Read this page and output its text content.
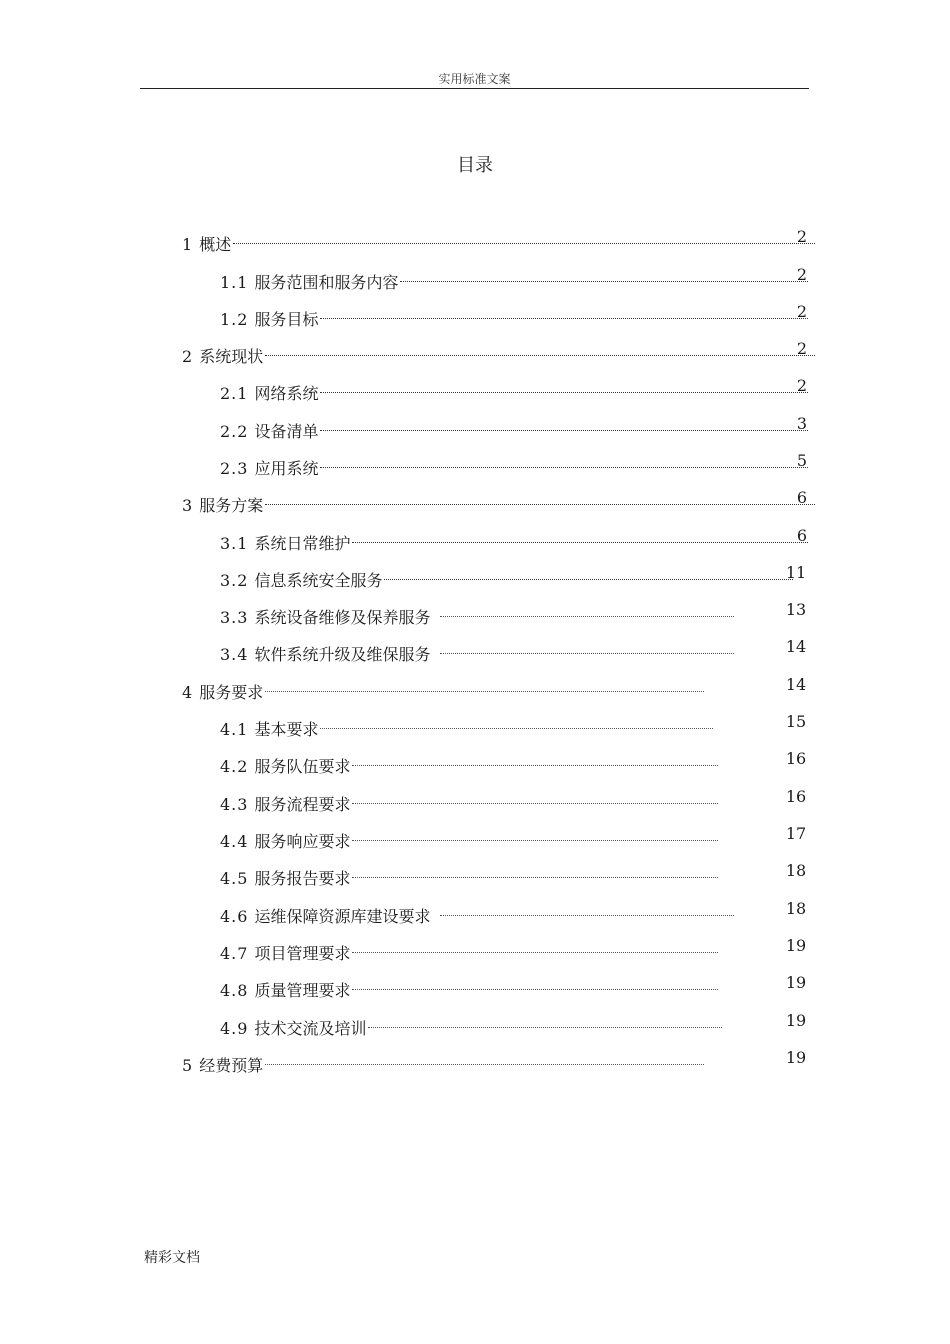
实用标准文案
目录
1 概述	2
1.1 服务范围和服务内容	2
1.2 服务目标	2
2 系统现状	2
2.1 网络系统	2
2.2 设备清单	3
2.3 应用系统	5
3 服务方案	6
3.1 系统日常维护	6
3.2 信息系统安全服务	11
3.3 系统设备维修及保养服务	13
3.4 软件系统升级及维保服务	14
4 服务要求	14
4.1 基本要求	15
4.2 服务队伍要求	16
4.3 服务流程要求	16
4.4 服务响应要求	17
4.5 服务报告要求	18
4.6 运维保障资源库建设要求	18
4.7 项目管理要求	19
4.8 质量管理要求	19
4.9 技术交流及培训	19
5 经费预算	19
精彩文档
